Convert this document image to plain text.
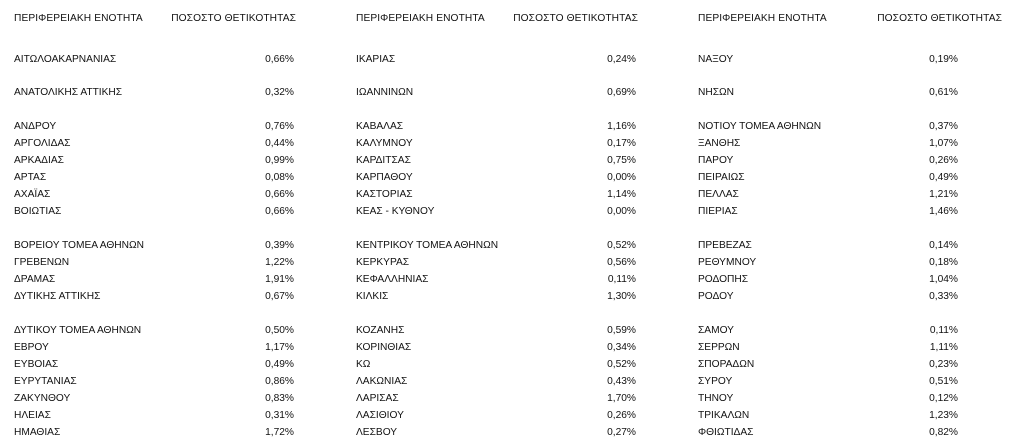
ΠΕΡΙΦΕΡΕΙΑΚΗ ΕΝΟΤΗΤΑ	ΠΟΣΟΣΤΟ ΘΕΤΙΚΟΤΗΤΑΣ
ΑΙΤΩΛΟΑΚΑΡΝΑΝΙΑΣ	0,66%
ΑΝΑΤΟΛΙΚΗΣ ΑΤΤΙΚΗΣ	0,32%
ΑΝΔΡΟΥ	0,76%
ΑΡΓΟΛΙΔΑΣ	0,44%
ΑΡΚΑΔΙΑΣ	0,99%
ΑΡΤΑΣ	0,08%
ΑΧΑΪΑΣ	0,66%
ΒΟΙΩΤΙΑΣ	0,66%
ΒΟΡΕΙΟΥ ΤΟΜΕΑ ΑΘΗΝΩΝ	0,39%
ΓΡΕΒΕΝΩΝ	1,22%
ΔΡΑΜΑΣ	1,91%
ΔΥΤΙΚΗΣ ΑΤΤΙΚΗΣ	0,67%
ΔΥΤΙΚΟΥ ΤΟΜΕΑ ΑΘΗΝΩΝ	0,50%
ΕΒΡΟΥ	1,17%
ΕΥΒΟΙΑΣ	0,49%
ΕΥΡΥΤΑΝΙΑΣ	0,86%
ΖΑΚΥΝΘΟΥ	0,83%
ΗΛΕΙΑΣ	0,31%
ΗΜΑΘΙΑΣ	1,72%
ΠΕΡΙΦΕΡΕΙΑΚΗ ΕΝΟΤΗΤΑ	ΠΟΣΟΣΤΟ ΘΕΤΙΚΟΤΗΤΑΣ
ΙΚΑΡΙΑΣ	0,24%
ΙΩΑΝΝΙΝΩΝ	0,69%
ΚΑΒΑΛΑΣ	1,16%
ΚΑΛΥΜΝΟΥ	0,17%
ΚΑΡΔΙΤΣΑΣ	0,75%
ΚΑΡΠΑΘΟΥ	0,00%
ΚΑΣΤΟΡΙΑΣ	1,14%
ΚΕΑΣ - ΚΥΘΝΟΥ	0,00%
ΚΕΝΤΡΙΚΟΥ ΤΟΜΕΑ ΑΘΗΝΩΝ	0,52%
ΚΕΡΚΥΡΑΣ	0,56%
ΚΕΦΑΛΛΗΝΙΑΣ	0,11%
ΚΙΛΚΙΣ	1,30%
ΚΟΖΑΝΗΣ	0,59%
ΚΟΡΙΝΘΙΑΣ	0,34%
ΚΩ	0,52%
ΛΑΚΩΝΙΑΣ	0,43%
ΛΑΡΙΣΑΣ	1,70%
ΛΑΣΙΘΙΟΥ	0,26%
ΛΕΣΒΟΥ	0,27%
ΠΕΡΙΦΕΡΕΙΑΚΗ ΕΝΟΤΗΤΑ	ΠΟΣΟΣΤΟ ΘΕΤΙΚΟΤΗΤΑΣ
ΝΑΞΟΥ	0,19%
ΝΗΣΩΝ	0,61%
ΝΟΤΙΟΥ ΤΟΜΕΑ ΑΘΗΝΩΝ	0,37%
ΞΑΝΘΗΣ	1,07%
ΠΑΡΟΥ	0,26%
ΠΕΙΡΑΙΩΣ	0,49%
ΠΕΛΛΑΣ	1,21%
ΠΙΕΡΙΑΣ	1,46%
ΠΡΕΒΕΖΑΣ	0,14%
ΡΕΘΥΜΝΟΥ	0,18%
ΡΟΔΟΠΗΣ	1,04%
ΡΟΔΟΥ	0,33%
ΣΑΜΟΥ	0,11%
ΣΕΡΡΩΝ	1,11%
ΣΠΟΡΑΔΩΝ	0,23%
ΣΥΡΟΥ	0,51%
ΤΗΝΟΥ	0,12%
ΤΡΙΚΑΛΩΝ	1,23%
ΦΘΙΩΤΙΔΑΣ	0,82%
